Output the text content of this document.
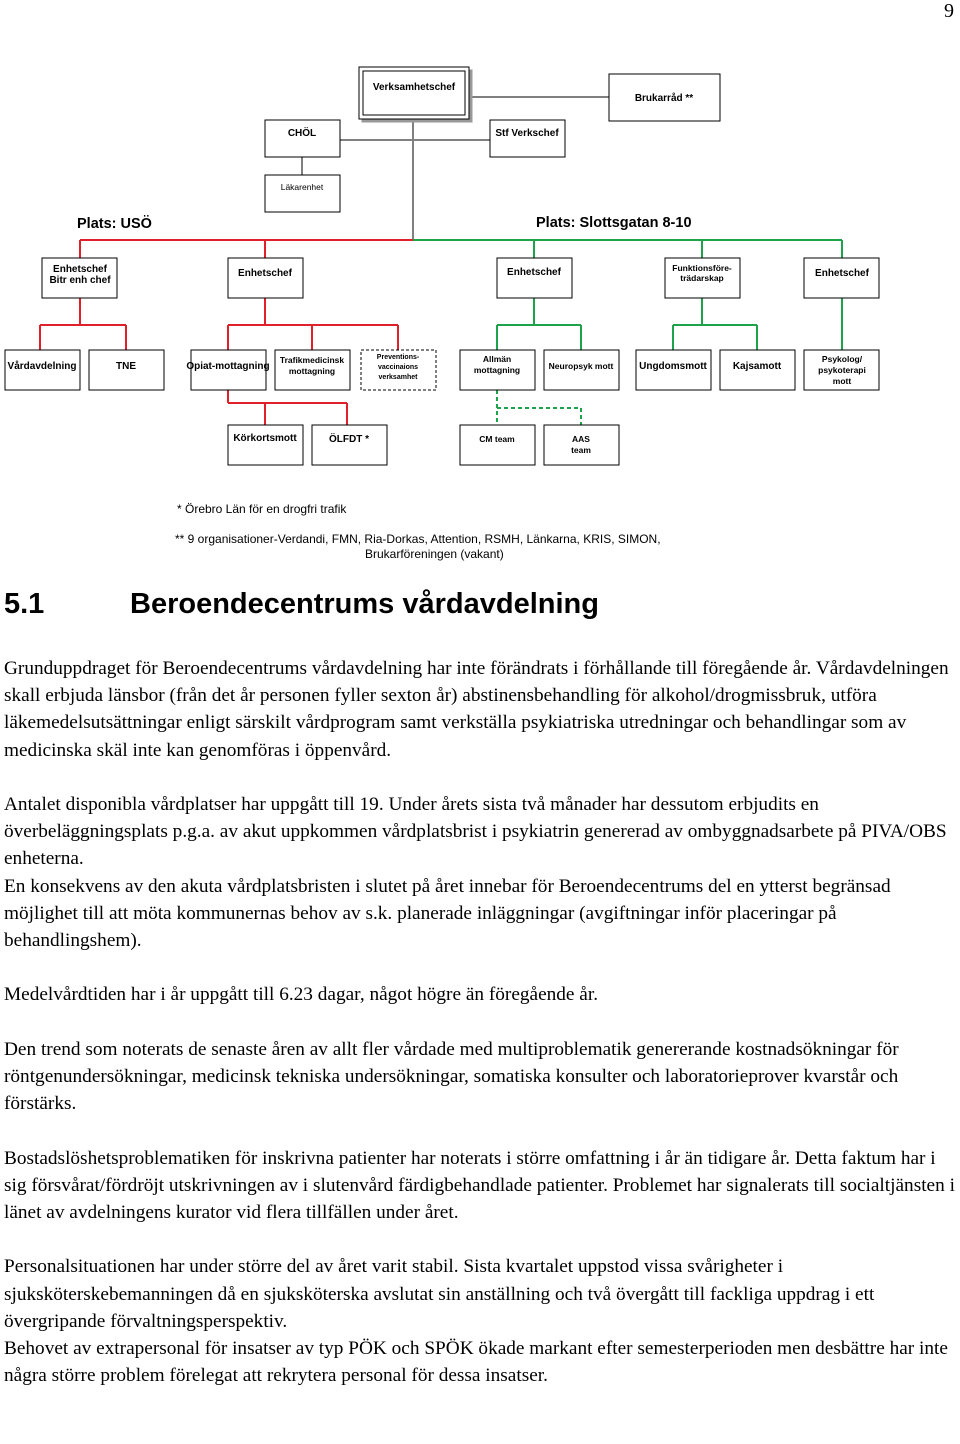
9
Verksamhetschef
Brukarråd **
CHÖL	Stf Verkschef
Läkarenhet
Enhetschef
Bitr enh chef
Enhetschef	Enhetschef	Funktionsföre-
trädarskap	Enhetschef
Vårdavdelning	TNE	Opiat-mottagning
Trafikmedicinsk
mottagning
Preventions-
vaccinaions
verksamhet
Allmän
mottagning	Neuropsyk mott	Ungdomsmott	Kajsamott
Psykolog/
psykoterapi
mott
Körkortsmott	ÖLFDT *	CM team	AAS
team
Plats: USÖ	Plats: Slottsgatan 8-10
* Örebro Län för en drogfri trafik
** 9 organisationer-Verdandi, FMN, Ria-Dorkas, Attention, RSMH, Länkarna, KRIS, SIMON,
Brukarföreningen (vakant)
5.1	Beroendecentrums vårdavdelning

Grunduppdraget för Beroendecentrums vårdavdelning har inte förändrats i förhållande till föregående år. Vårdavdelningen skall erbjuda länsbor (från det år personen fyller sexton år) abstinensbehandling för alkohol/drogmissbruk, utföra läkemedelsutsättningar enligt särskilt vårdprogram samt verkställa psykiatriska utredningar och behandlingar som av medicinska skäl inte kan genomföras i öppenvård.

Antalet disponibla vårdplatser har uppgått till 19. Under årets sista två månader har dessutom erbjudits en överbeläggningsplats p.g.a. av akut uppkommen vårdplatsbrist i psykiatrin genererad av ombyggnadsarbete på PIVA/OBS enheterna.

En konsekvens av den akuta vårdplatsbristen i slutet på året innebar för Beroendecentrums del en ytterst begränsad möjlighet till att möta kommunernas behov av s.k. planerade inläggningar (avgiftningar inför placeringar på behandlingshem).

Medelvårdtiden har i år uppgått till 6.23 dagar, något högre än föregående år.

Den trend som noterats de senaste åren av allt fler vårdade med multiproblematik genererande kostnadsökningar för röntgenundersökningar, medicinsk tekniska undersökningar, somatiska konsulter och laboratorieprover kvarstår och förstärks.

Bostadslöshetsproblematiken för inskrivna patienter har noterats i större omfattning i år än tidigare år. Detta faktum har i sig försvårat/fördröjt utskrivningen av i slutenvård färdigbehandlade patienter. Problemet har signalerats till socialtjänsten i länet av avdelningens kurator vid flera tillfällen under året.

Personalsituationen har under större del av året varit stabil. Sista kvartalet uppstod vissa svårigheter i sjuksköterskebemanningen då en sjuksköterska avslutat sin anställning och två övergått till fackliga uppdrag i ett övergripande förvaltningsperspektiv.

Behovet av extrapersonal för insatser av typ PÖK och SPÖK ökade markant efter semesterperioden men desbättre har inte några större problem förelegat att rekrytera personal för dessa insatser.
